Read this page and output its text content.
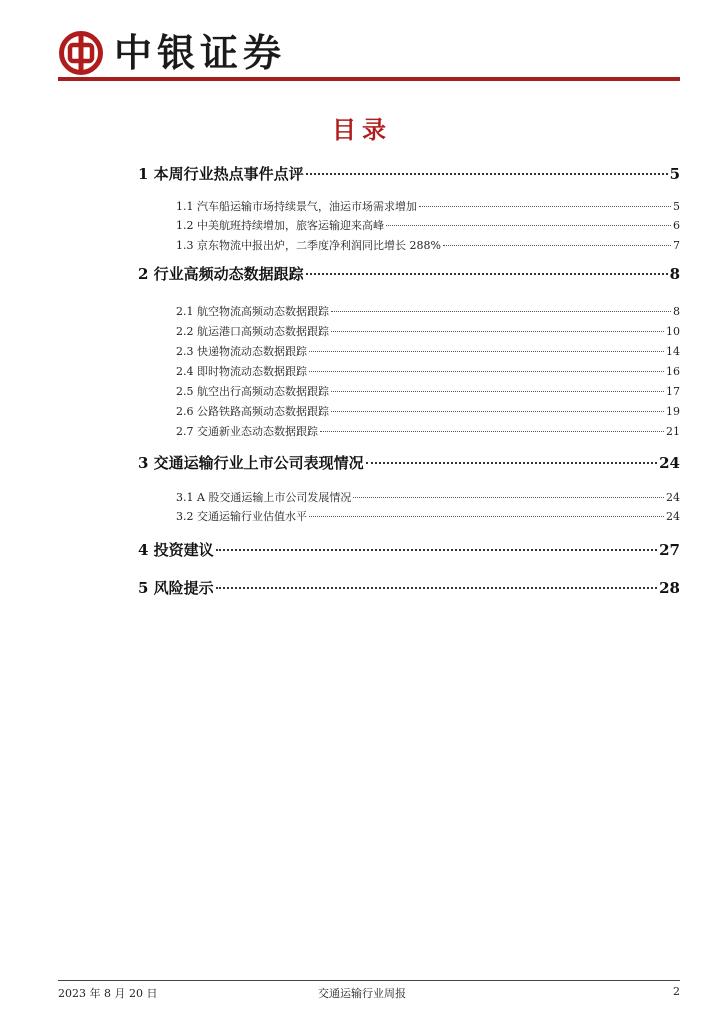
中银证券
目录
1 本周行业热点事件点评	5
1.1 汽车船运输市场持续景气，油运市场需求增加	5
1.2 中美航班持续增加，旅客运输迎来高峰	6
1.3 京东物流中报出炉，二季度净利润同比增长 288%	7
2 行业高频动态数据跟踪	8
2.1 航空物流高频动态数据跟踪	8
2.2 航运港口高频动态数据跟踪	10
2.3 快递物流动态数据跟踪	14
2.4 即时物流动态数据跟踪	16
2.5 航空出行高频动态数据跟踪	17
2.6 公路铁路高频动态数据跟踪	19
2.7 交通新业态动态数据跟踪	21
3 交通运输行业上市公司表现情况	24
3.1 A 股交通运输上市公司发展情况	24
3.2 交通运输行业估值水平	24
4 投资建议	27
5 风险提示	28
2023 年 8 月 20 日	交通运输行业周报	2
